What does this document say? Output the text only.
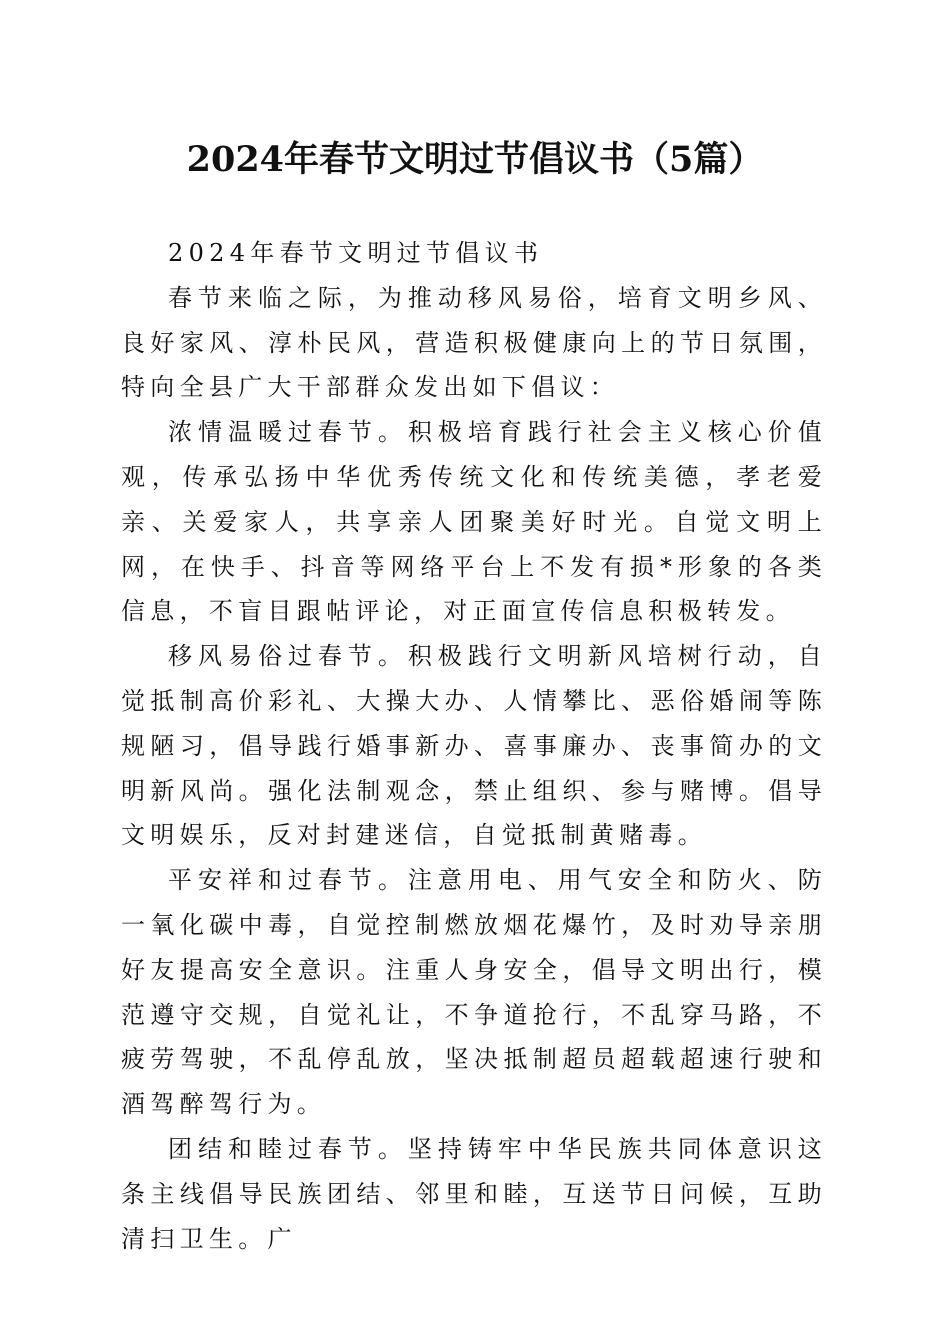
2024年春节文明过节倡议书（5篇）

2024年春节文明过节倡议书

春节来临之际，为推动移风易俗，培育文明乡风、良好家风、淳朴民风，营造积极健康向上的节日氛围，特向全县广大干部群众发出如下倡议：

浓情温暖过春节。积极培育践行社会主义核心价值观，传承弘扬中华优秀传统文化和传统美德，孝老爱亲、关爱家人，共享亲人团聚美好时光。自觉文明上网，在快手、抖音等网络平台上不发有损*形象的各类信息，不盲目跟帖评论，对正面宣传信息积极转发。

移风易俗过春节。积极践行文明新风培树行动，自觉抵制高价彩礼、大操大办、人情攀比、恶俗婚闹等陈规陋习，倡导践行婚事新办、喜事廉办、丧事简办的文明新风尚。强化法制观念，禁止组织、参与赌博。倡导文明娱乐，反对封建迷信，自觉抵制黄赌毒。

平安祥和过春节。注意用电、用气安全和防火、防一氧化碳中毒，自觉控制燃放烟花爆竹，及时劝导亲朋好友提高安全意识。注重人身安全，倡导文明出行，模范遵守交规，自觉礼让，不争道抢行，不乱穿马路，不疲劳驾驶，不乱停乱放，坚决抵制超员超载超速行驶和酒驾醉驾行为。

团结和睦过春节。坚持铸牢中华民族共同体意识这条主线倡导民族团结、邻里和睦，互送节日问候，互助清扫卫生。广
